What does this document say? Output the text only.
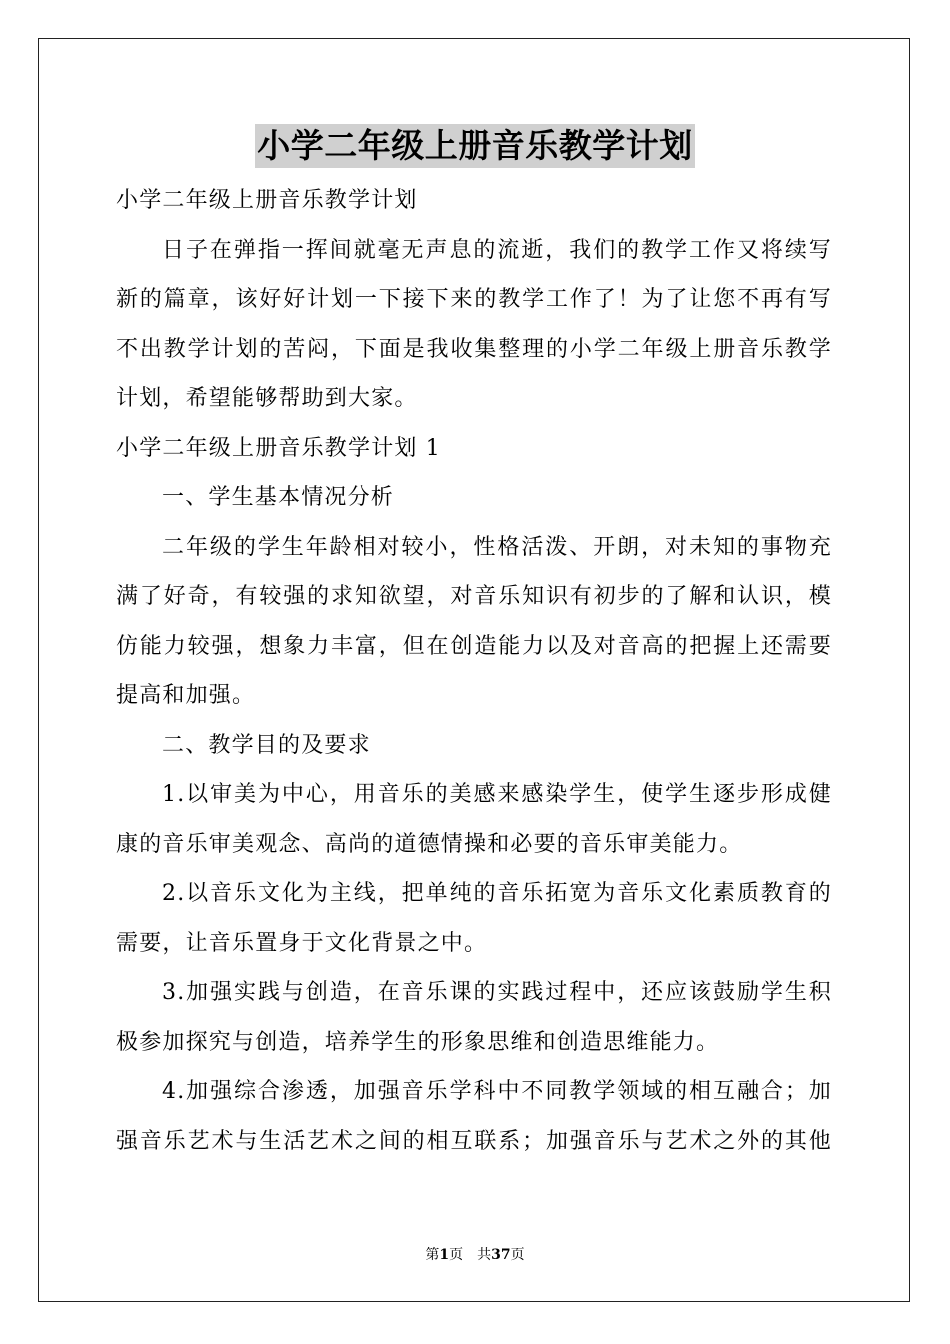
小学二年级上册音乐教学计划
小学二年级上册音乐教学计划
日子在弹指一挥间就毫无声息的流逝，我们的教学工作又将续写
新的篇章，该好好计划一下接下来的教学工作了！为了让您不再有写
不出教学计划的苦闷，下面是我收集整理的小学二年级上册音乐教学
计划，希望能够帮助到大家。
小学二年级上册音乐教学计划 1
一、学生基本情况分析
二年级的学生年龄相对较小，性格活泼、开朗，对未知的事物充
满了好奇，有较强的求知欲望，对音乐知识有初步的了解和认识，模
仿能力较强，想象力丰富，但在创造能力以及对音高的把握上还需要
提高和加强。
二、教学目的及要求
1.以审美为中心，用音乐的美感来感染学生，使学生逐步形成健
康的音乐审美观念、高尚的道德情操和必要的音乐审美能力。
2.以音乐文化为主线，把单纯的音乐拓宽为音乐文化素质教育的
需要，让音乐置身于文化背景之中。
3.加强实践与创造，在音乐课的实践过程中，还应该鼓励学生积
极参加探究与创造，培养学生的形象思维和创造思维能力。
4.加强综合渗透，加强音乐学科中不同教学领域的相互融合；加
强音乐艺术与生活艺术之间的相互联系；加强音乐与艺术之外的其他
第1页　共37页
